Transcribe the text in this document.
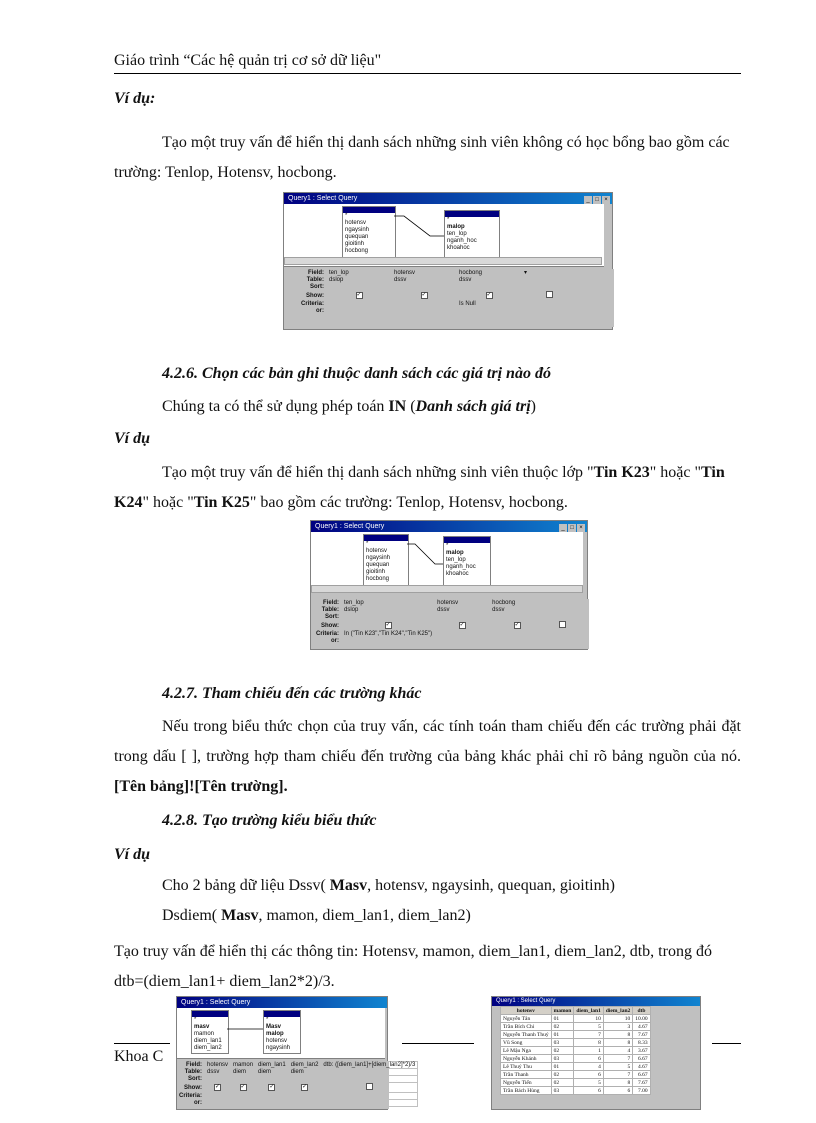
Giáo trình “Các hệ quản trị cơ sở dữ liệu"
Ví dụ:
Tạo một truy vấn để hiển thị danh sách những sinh viên không có học bổng bao gồm các trường: Tenlop, Hotensv, hocbong.
Query1 : Select Query	_ □ ×
*
hotensv
ngaysinh
quequan
gioitinh
hocbong
*
malop
ten_lop
nganh_hoc
khoahoc
Field:	ten_lop	hotensv	hocbong	▾
Table:	dslop	dssv	dssv	
Sort:				
Show:	✓	✓	✓	
Criteria:			Is Null	
or:				
4.2.6. Chọn các bản ghi thuộc danh sách các giá trị nào đó
Chúng ta có thể sử dụng phép toán IN (Danh sách giá trị)
Ví dụ
Tạo một truy vấn để hiển thị danh sách những sinh viên thuộc lớp "Tin K23" hoặc "Tin K24" hoặc "Tin K25" bao gồm các trường: Tenlop, Hotensv, hocbong.
Query1 : Select Query	_ □ ×
*
hotensv
ngaysinh
quequan
gioitinh
hocbong
*
malop
ten_lop
nganh_hoc
khoahoc
Field:	ten_lop	hotensv	hocbong	
Table:	dslop	dssv	dssv	
Sort:				
Show:	✓	✓	✓	
Criteria:	In ("Tin K23","Tin K24","Tin K25")			
or:				
4.2.7. Tham chiếu đến các trường khác
Nếu trong biểu thức chọn của truy vấn, các tính toán tham chiếu đến các trường phải đặt trong dấu [ ], trường hợp tham chiếu đến trường của bảng khác phải chỉ rõ bảng nguồn của nó. [Tên bảng]![Tên trường].
4.2.8. Tạo trường kiểu biểu thức
Ví dụ
Cho 2 bảng dữ liệu Dssv( Masv, hotensv, ngaysinh, quequan, gioitinh)
Dsdiem( Masv, mamon, diem_lan1, diem_lan2)
Tạo truy vấn để hiển thị các thông tin: Hotensv, mamon, diem_lan1, diem_lan2, dtb, trong đó dtb=(diem_lan1+ diem_lan2*2)/3.
Khoa C
Query1 : Select Query
*
masv
mamon
diem_lan1
diem_lan2
*
Masv
malop
hotensv
ngaysinh
Field:	hotensv	mamon	diem_lan1	diem_lan2	dtb: ([diem_lan1]+[diem_lan2]*2)/3
Table:	dssv	diem	diem	diem	
Sort:					
Show:	✓	✓	✓	✓	
Criteria:					
or:					
Query1 : Select Query
hotensv	mamon	diem_lan1	diem_lan2	dtb
Nguyễn Tân	01	10	10	10.00
Trần Bích Chi	02	5	3	4.67
Nguyễn Thanh Thuý	01	7	8	7.67
Vũ Song	03	8	8	8.33
Lê Mậu Nga	02	1	4	3.67
Nguyễn Khánh	03	6	7	6.67
Lê Thuý Thu	01	4	5	4.67
Trần Thanh	02	6	7	6.67
Nguyễn Tiến	02	5	8	7.67
Trần Bách Hùng	03	6	6	7.00
